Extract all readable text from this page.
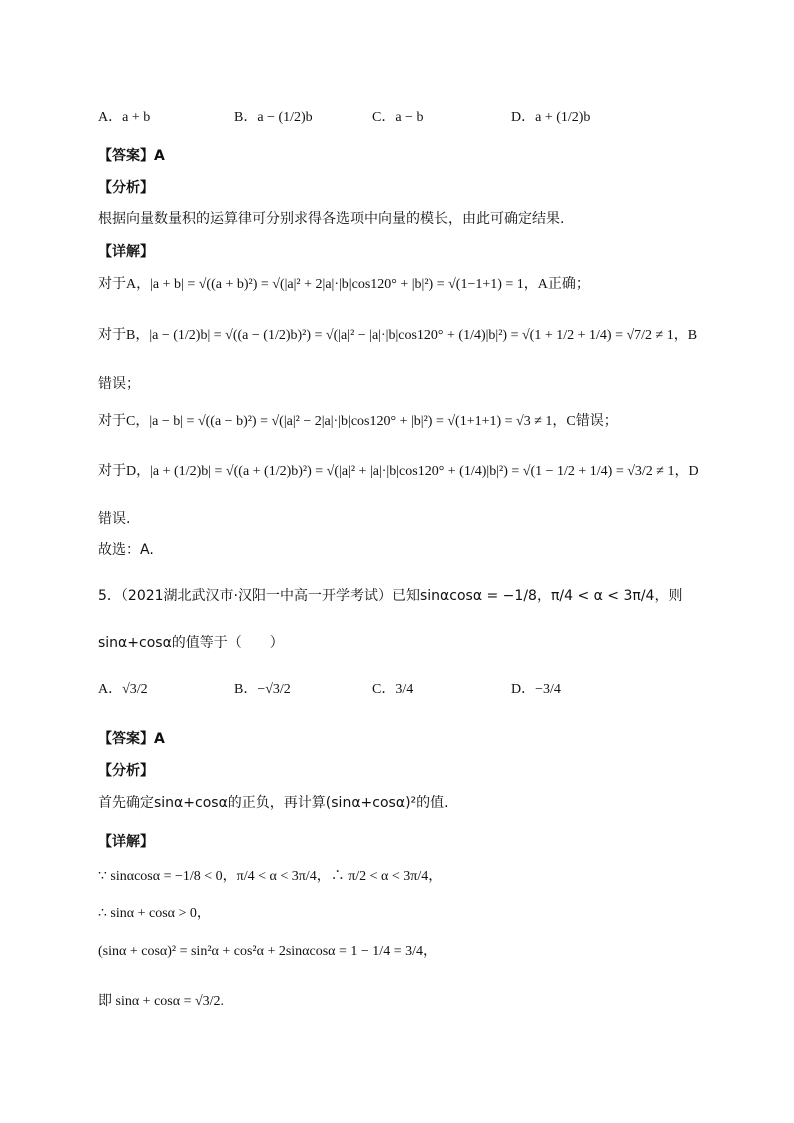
A．a + b	B．a − (1/2)b	C．a − b	D．a + (1/2)b
【答案】A
【分析】
根据向量数量积的运算律可分别求得各选项中向量的模长，由此可确定结果.
【详解】
对于A，|a + b| = √((a + b)²) = √(|a|² + 2|a|·|b|cos120° + |b|²) = √(1−1+1) = 1，A正确；
对于B，|a − (1/2)b| = √((a − (1/2)b)²) = √(|a|² − |a|·|b|cos120° + (1/4)|b|²) = √(1 + 1/2 + 1/4) = √7/2 ≠ 1，B
错误；
对于C，|a − b| = √((a − b)²) = √(|a|² − 2|a|·|b|cos120° + |b|²) = √(1+1+1) = √3 ≠ 1，C错误；
对于D，|a + (1/2)b| = √((a + (1/2)b)²) = √(|a|² + |a|·|b|cos120° + (1/4)|b|²) = √(1 − 1/2 + 1/4) = √3/2 ≠ 1，D
错误.
故选：A.
5．（2021湖北武汉市·汉阳一中高一开学考试）已知sinαcosα = −1/8，π/4 < α < 3π/4，则
sinα+cosα的值等于（　　）
A．√3/2	B．−√3/2	C．3/4	D．−3/4
【答案】A
【分析】
首先确定sinα+cosα的正负，再计算(sinα+cosα)²的值.
【详解】
∵ sinαcosα = −1/8 < 0，π/4 < α < 3π/4，∴ π/2 < α < 3π/4，
∴ sinα + cosα > 0，
(sinα + cosα)² = sin²α + cos²α + 2sinαcosα = 1 − 1/4 = 3/4，
即 sinα + cosα = √3/2.
